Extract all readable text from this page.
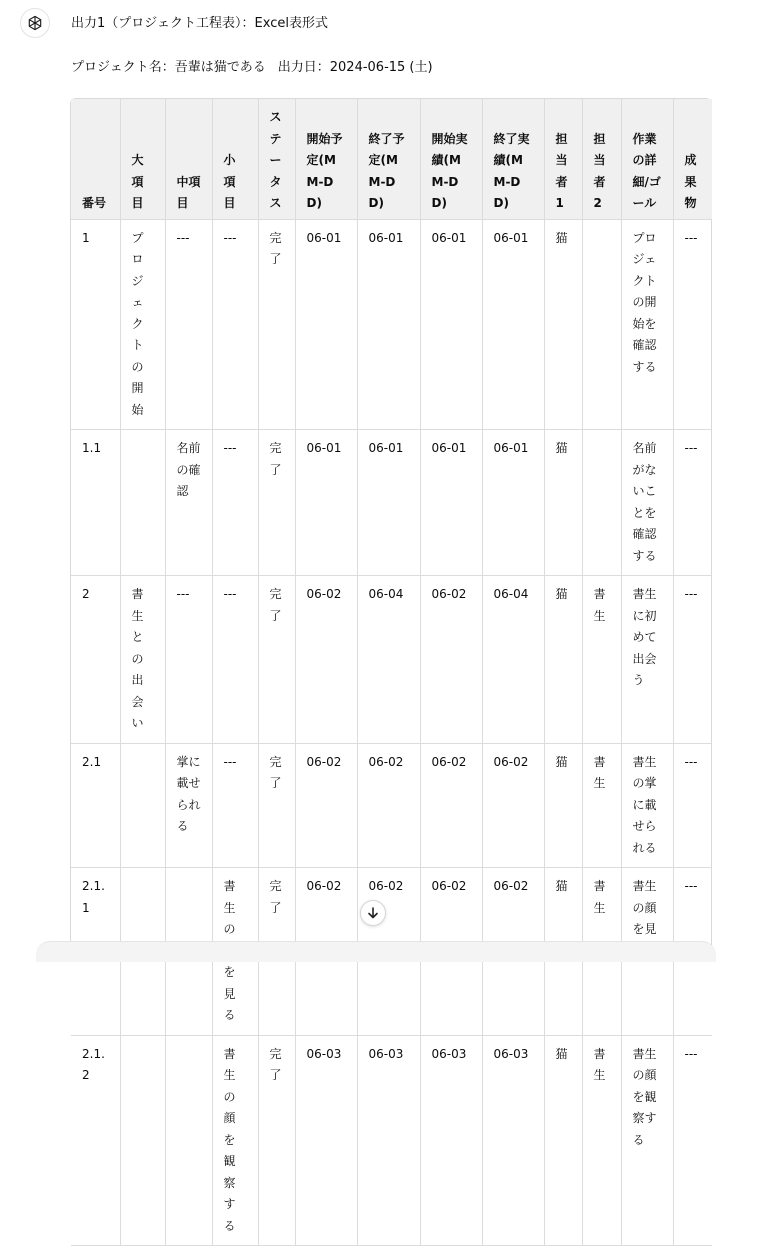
出力1（プロジェクト工程表）：Excel表形式
プロジェクト名：吾輩は猫である 出力日：2024-06-15 (土)
番号	大項目	中項目	小項目	ステータス	開始予定(MM-DD)	終了予定(MM-DD)	開始実績(MM-DD)	終了実績(MM-DD)	担当者1	担当者2	作業の詳細/ゴール	成果物
1	プロジェクトの開始	---	---	完了	06-01	06-01	06-01	06-01	猫		プロジェクトの開始を確認する	---
1.1		名前の確認	---	完了	06-01	06-01	06-01	06-01	猫		名前がないことを確認する	---
2	書生との出会い	---	---	完了	06-02	06-04	06-02	06-04	猫	書生	書生に初めて出会う	---
2.1		掌に載せられる	---	完了	06-02	06-02	06-02	06-02	猫	書生	書生の掌に載せられる	---
2.1.1			書生の を見る	完了	06-02	06-02	06-02	06-02	猫	書生	書生の顔を見	---
2.1.2			書生の顔を観察する	完了	06-03	06-03	06-03	06-03	猫	書生	書生の顔を観察する	---
